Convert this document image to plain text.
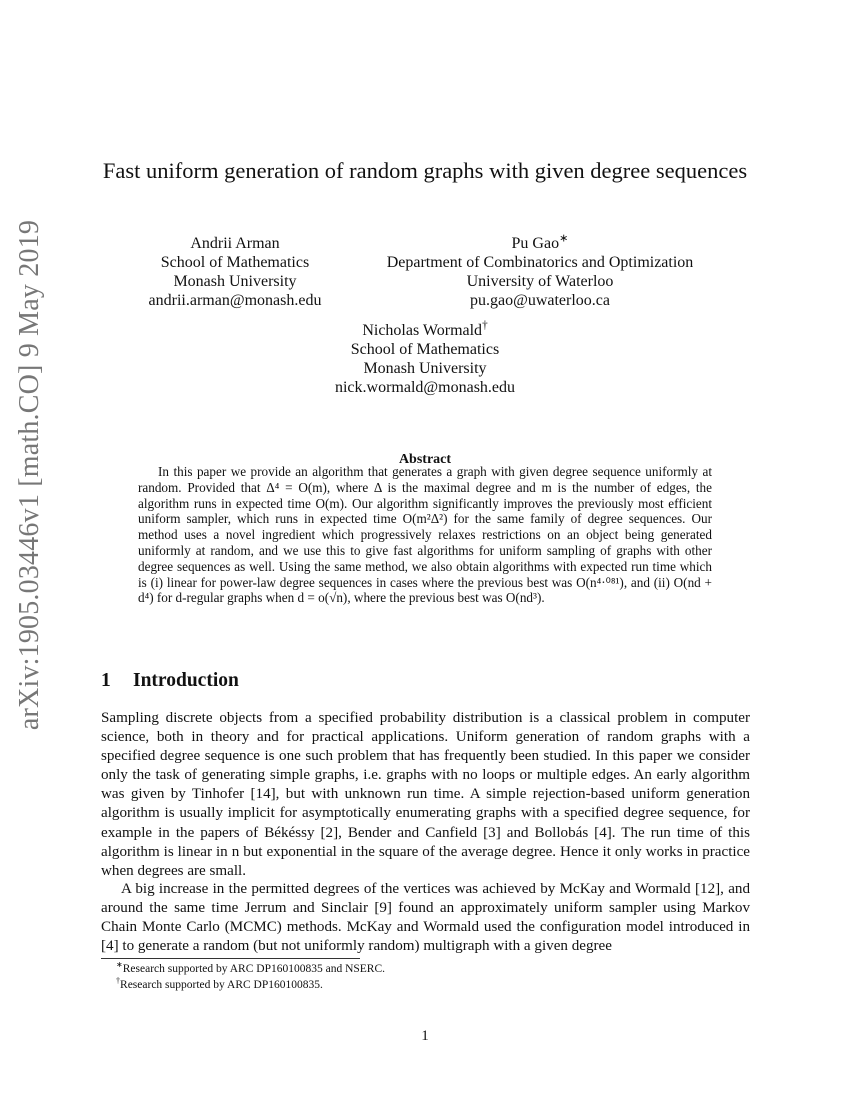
arXiv:1905.03446v1 [math.CO] 9 May 2019
Fast uniform generation of random graphs with given degree sequences
Andrii Arman
School of Mathematics
Monash University
andrii.arman@monash.edu
Pu Gao∗
Department of Combinatorics and Optimization
University of Waterloo
pu.gao@uwaterloo.ca
Nicholas Wormald†
School of Mathematics
Monash University
nick.wormald@monash.edu
Abstract

In this paper we provide an algorithm that generates a graph with given degree sequence uniformly at random. Provided that Δ⁴ = O(m), where Δ is the maximal degree and m is the number of edges, the algorithm runs in expected time O(m). Our algorithm significantly improves the previously most efficient uniform sampler, which runs in expected time O(m²Δ²) for the same family of degree sequences. Our method uses a novel ingredient which progressively relaxes restrictions on an object being generated uniformly at random, and we use this to give fast algorithms for uniform sampling of graphs with other degree sequences as well. Using the same method, we also obtain algorithms with expected run time which is (i) linear for power-law degree sequences in cases where the previous best was O(n⁴·⁰⁸¹), and (ii) O(nd + d⁴) for d-regular graphs when d = o(√n), where the previous best was O(nd³).

1 Introduction

Sampling discrete objects from a specified probability distribution is a classical problem in computer science, both in theory and for practical applications. Uniform generation of random graphs with a specified degree sequence is one such problem that has frequently been studied. In this paper we consider only the task of generating simple graphs, i.e. graphs with no loops or multiple edges. An early algorithm was given by Tinhofer [14], but with unknown run time. A simple rejection-based uniform generation algorithm is usually implicit for asymptotically enumerating graphs with a specified degree sequence, for example in the papers of Békéssy [2], Bender and Canfield [3] and Bollobás [4]. The run time of this algorithm is linear in n but exponential in the square of the average degree. Hence it only works in practice when degrees are small.

A big increase in the permitted degrees of the vertices was achieved by McKay and Wormald [12], and around the same time Jerrum and Sinclair [9] found an approximately uniform sampler using Markov Chain Monte Carlo (MCMC) methods. McKay and Wormald used the configuration model introduced in [4] to generate a random (but not uniformly random) multigraph with a given degree

∗Research supported by ARC DP160100835 and NSERC.
†Research supported by ARC DP160100835.
1
